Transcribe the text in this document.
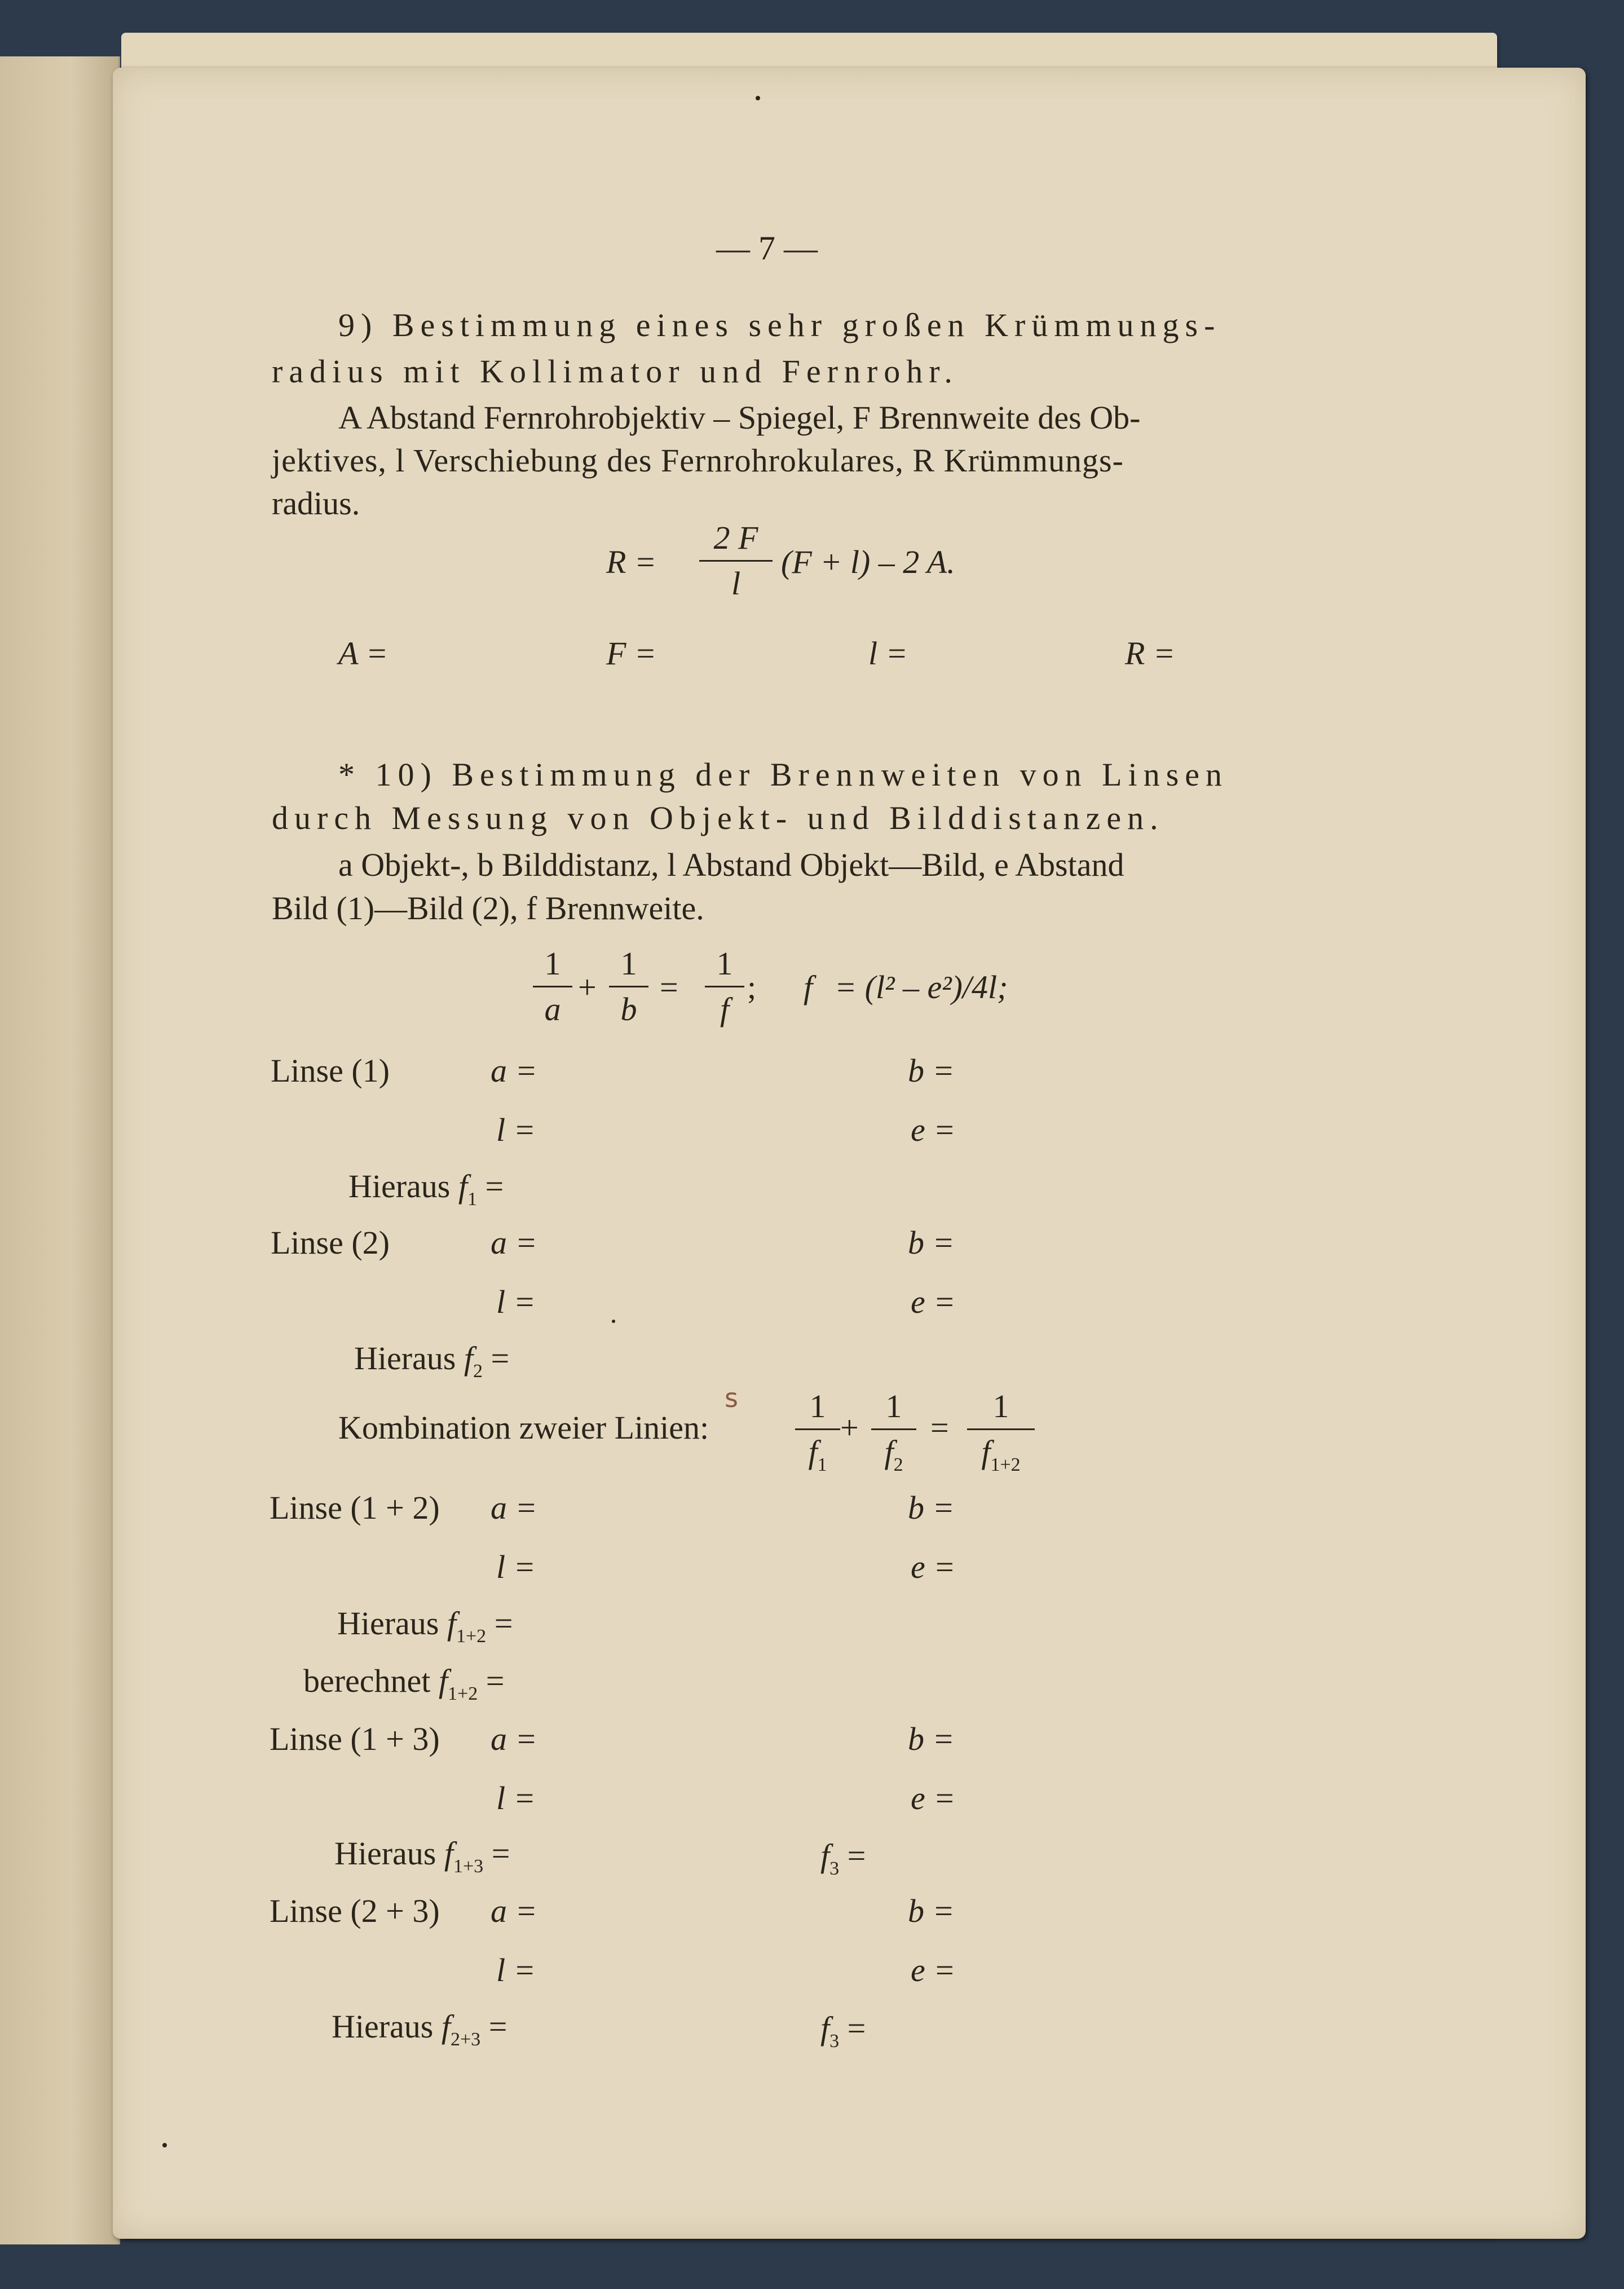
— 7 —
9) Bestimmung eines sehr großen Krümmungs-
radius mit Kollimator und Fernrohr.
A Abstand Fernrohrobjektiv – Spiegel, F Brennweite des Ob-
jektives, l Verschiebung des Fernrohrokulares, R Krümmungs-
radius.
R =
2 F
l
(F + l) – 2 A.
A =	F =	l =	R =
* 10) Bestimmung der Brennweiten von Linsen
durch Messung von Objekt- und Bilddistanzen.
a Objekt-, b Bilddistanz, l Abstand Objekt—Bild, e Abstand
Bild (1)—Bild (2), f Brennweite.
1
a
+
1
b
=
1
f
; f = (l² – e²)/4l;
Linse (1)	a =	b =
l =	e =
Hieraus $f_1$ =
Linse (2)	a =	b =
l =	e =
Hieraus $f_2$ =
Kombination zweier Linien:
s	1
$f_1$
+
1
$f_2$
=
1
$f_{1+2}$
Linse (1 + 2) a =	b =
l =	e =
Hieraus $f_{1+2}$ =
berechnet $f_{1+2}$ =
Linse (1 + 3) a =	b =
l =	e =
Hieraus $f_{1+3}$ =	$f_3$ =
Linse (2 + 3) a =	b =
l =	e =
Hieraus $f_{2+3}$ =	$f_3$ =
